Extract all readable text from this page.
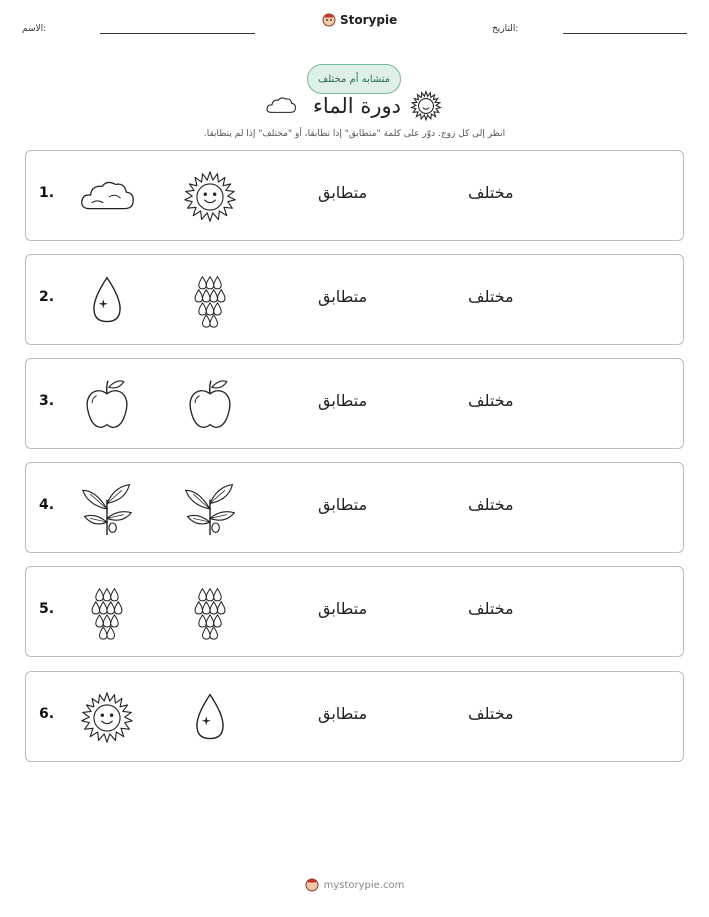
الاسم:
Storypie
التاريخ:
متشابه أم مختلف
دورة الماء
انظر إلى كل زوج. دوّر على كلمة "متطابق" إذا تطابقا، أو "مختلف" إذا لم يتطابقا.
1.	متطابق	مختلف
2.	متطابق	مختلف
3.	متطابق	مختلف
4.	متطابق	مختلف
5.	متطابق	مختلف
6.	متطابق	مختلف
mystorypie.com
